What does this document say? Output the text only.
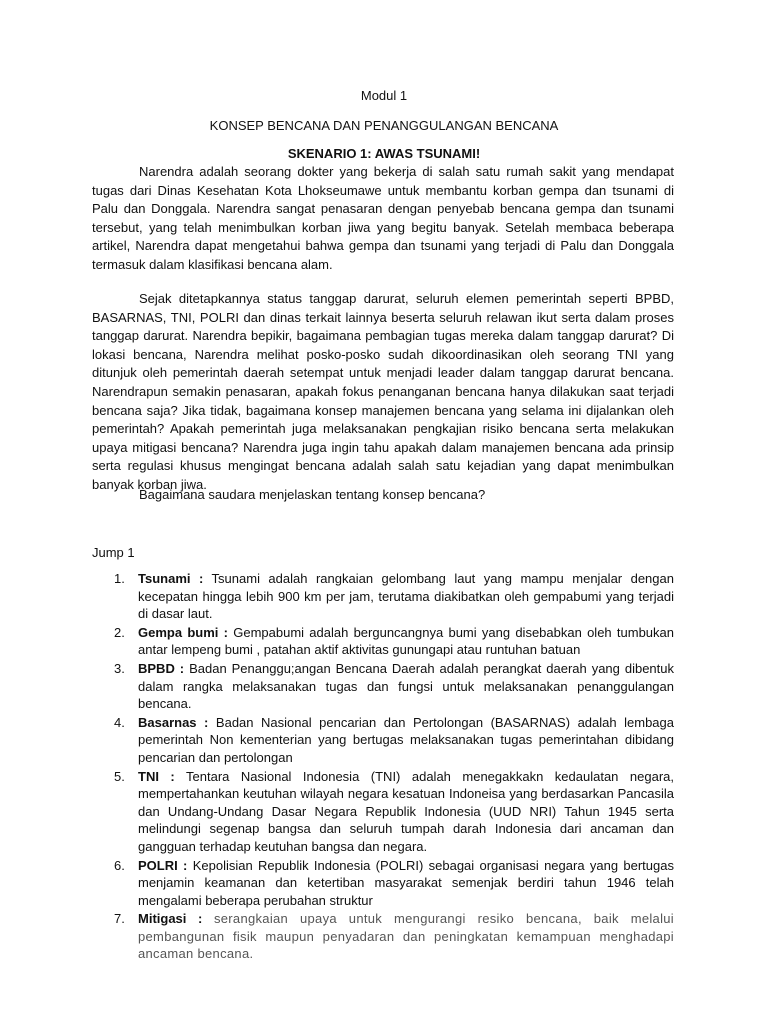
Modul 1
KONSEP BENCANA DAN PENANGGULANGAN BENCANA
SKENARIO 1: AWAS TSUNAMI!

Narendra adalah seorang dokter yang bekerja di salah satu rumah sakit yang mendapat tugas dari Dinas Kesehatan Kota Lhokseumawe untuk membantu korban gempa dan tsunami di Palu dan Donggala. Narendra sangat penasaran dengan penyebab bencana gempa dan tsunami tersebut, yang telah menimbulkan korban jiwa yang begitu banyak. Setelah membaca beberapa artikel, Narendra dapat mengetahui bahwa gempa dan tsunami yang terjadi di Palu dan Donggala termasuk dalam klasifikasi bencana alam.

Sejak ditetapkannya status tanggap darurat, seluruh elemen pemerintah seperti BPBD, BASARNAS, TNI, POLRI dan dinas terkait lainnya beserta seluruh relawan ikut serta dalam proses tanggap darurat. Narendra bepikir, bagaimana pembagian tugas mereka dalam tanggap darurat? Di lokasi bencana, Narendra melihat posko-posko sudah dikoordinasikan oleh seorang TNI yang ditunjuk oleh pemerintah daerah setempat untuk menjadi leader dalam tanggap darurat bencana. Narendrapun semakin penasaran, apakah fokus penanganan bencana hanya dilakukan saat terjadi bencana saja? Jika tidak, bagaimana konsep manajemen bencana yang selama ini dijalankan oleh pemerintah? Apakah pemerintah juga melaksanakan pengkajian risiko bencana serta melakukan upaya mitigasi bencana? Narendra juga ingin tahu apakah dalam manajemen bencana ada prinsip serta regulasi khusus mengingat bencana adalah salah satu kejadian yang dapat menimbulkan banyak korban jiwa.

Bagaimana saudara menjelaskan tentang konsep bencana?

Jump 1
1. Tsunami : Tsunami adalah rangkaian gelombang laut yang mampu menjalar dengan kecepatan hingga lebih 900 km per jam, terutama diakibatkan oleh gempabumi yang terjadi di dasar laut.
2. Gempa bumi : Gempabumi adalah berguncangnya bumi yang disebabkan oleh tumbukan antar lempeng bumi , patahan aktif aktivitas gunungapi atau runtuhan batuan
3. BPBD : Badan Penanggu;angan Bencana Daerah adalah perangkat daerah yang dibentuk dalam rangka melaksanakan tugas dan fungsi untuk melaksanakan penanggulangan bencana.
4. Basarnas : Badan Nasional pencarian dan Pertolongan (BASARNAS) adalah lembaga pemerintah Non kementerian yang bertugas melaksanakan tugas pemerintahan dibidang pencarian dan pertolongan
5. TNI : Tentara Nasional Indonesia (TNI) adalah menegakkakn kedaulatan negara, mempertahankan keutuhan wilayah negara kesatuan Indoneisa yang berdasarkan Pancasila dan Undang-Undang Dasar Negara Republik Indonesia (UUD NRI) Tahun 1945 serta melindungi segenap bangsa dan seluruh tumpah darah Indonesia dari ancaman dan gangguan terhadap keutuhan bangsa dan negara.
6. POLRI : Kepolisian Republik Indonesia (POLRI) sebagai organisasi negara yang bertugas menjamin keamanan dan ketertiban masyarakat semenjak berdiri tahun 1946 telah mengalami beberapa perubahan struktur
7. Mitigasi : serangkaian upaya untuk mengurangi resiko bencana, baik melalui pembangunan fisik maupun penyadaran dan peningkatan kemampuan menghadapi ancaman bencana.
